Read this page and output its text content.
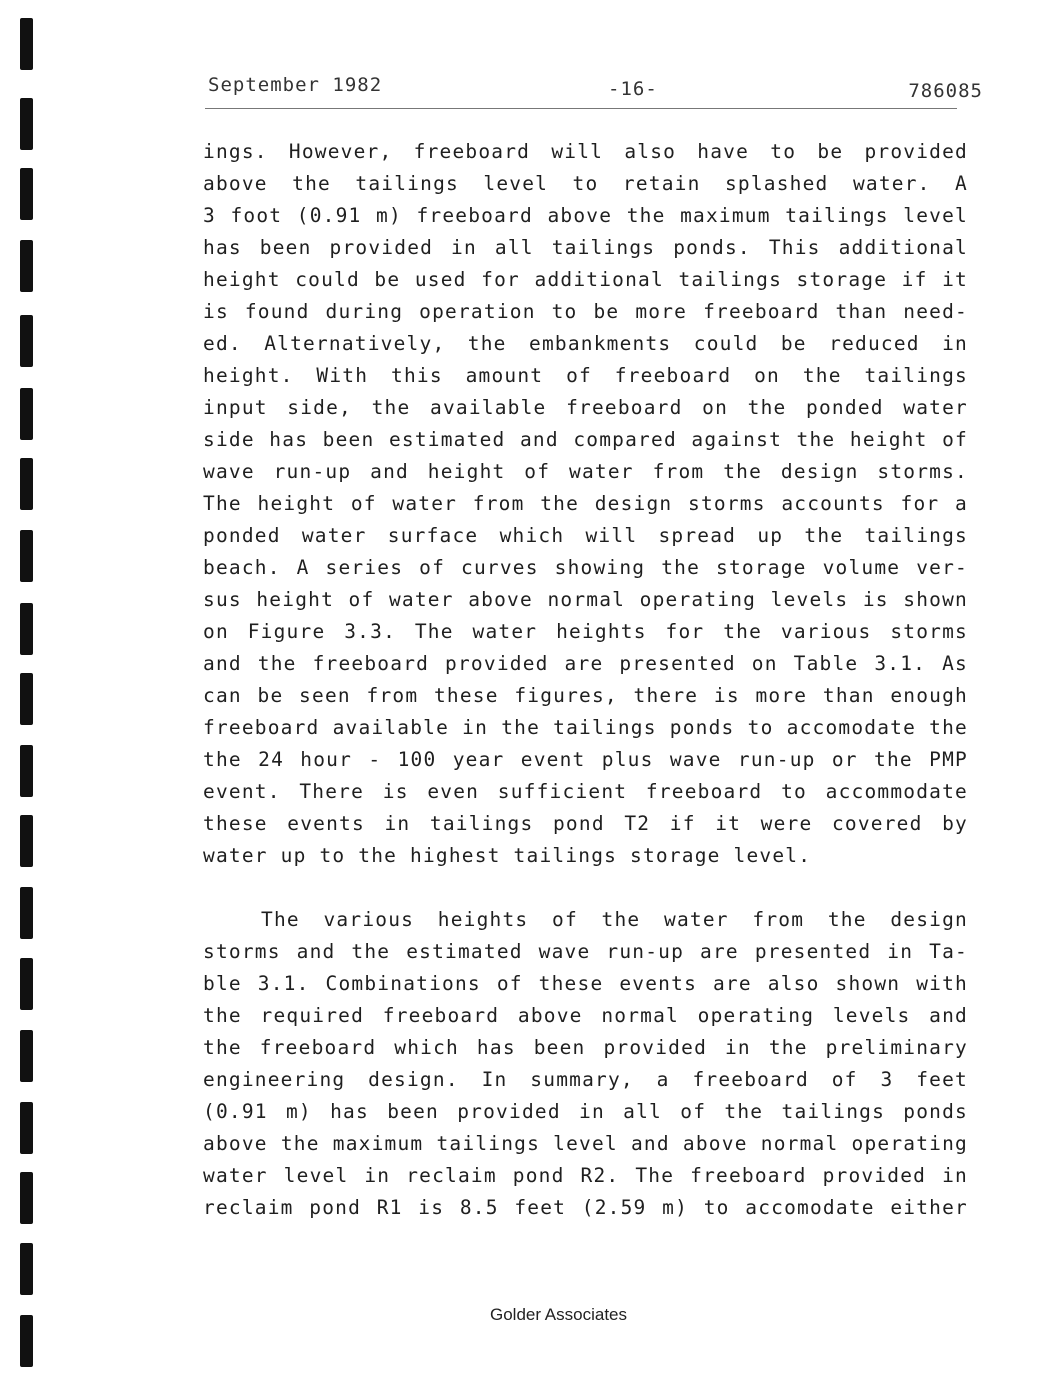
September 1982	-16-	786085
ings. However, freeboard will also have to be provided
above the tailings level to retain splashed water. A
3 foot (0.91 m) freeboard above the maximum tailings level
has been provided in all tailings ponds. This additional
height could be used for additional tailings storage if it
is found during operation to be more freeboard than need-
ed. Alternatively, the embankments could be reduced in
height. With this amount of freeboard on the tailings
input side, the available freeboard on the ponded water
side has been estimated and compared against the height of
wave run-up and height of water from the design storms.
The height of water from the design storms accounts for a
ponded water surface which will spread up the tailings
beach. A series of curves showing the storage volume ver-
sus height of water above normal operating levels is shown
on Figure 3.3. The water heights for the various storms
and the freeboard provided are presented on Table 3.1. As
can be seen from these figures, there is more than enough
freeboard available in the tailings ponds to accomodate the
the 24 hour - 100 year event plus wave run-up or the PMP
event. There is even sufficient freeboard to accommodate
these events in tailings pond T2 if it were covered by
water up to the highest tailings storage level.
The various heights of the water from the design
storms and the estimated wave run-up are presented in Ta-
ble 3.1. Combinations of these events are also shown with
the required freeboard above normal operating levels and
the freeboard which has been provided in the preliminary
engineering design. In summary, a freeboard of 3 feet
(0.91 m) has been provided in all of the tailings ponds
above the maximum tailings level and above normal operating
water level in reclaim pond R2. The freeboard provided in
reclaim pond R1 is 8.5 feet (2.59 m) to accomodate either
Golder Associates
